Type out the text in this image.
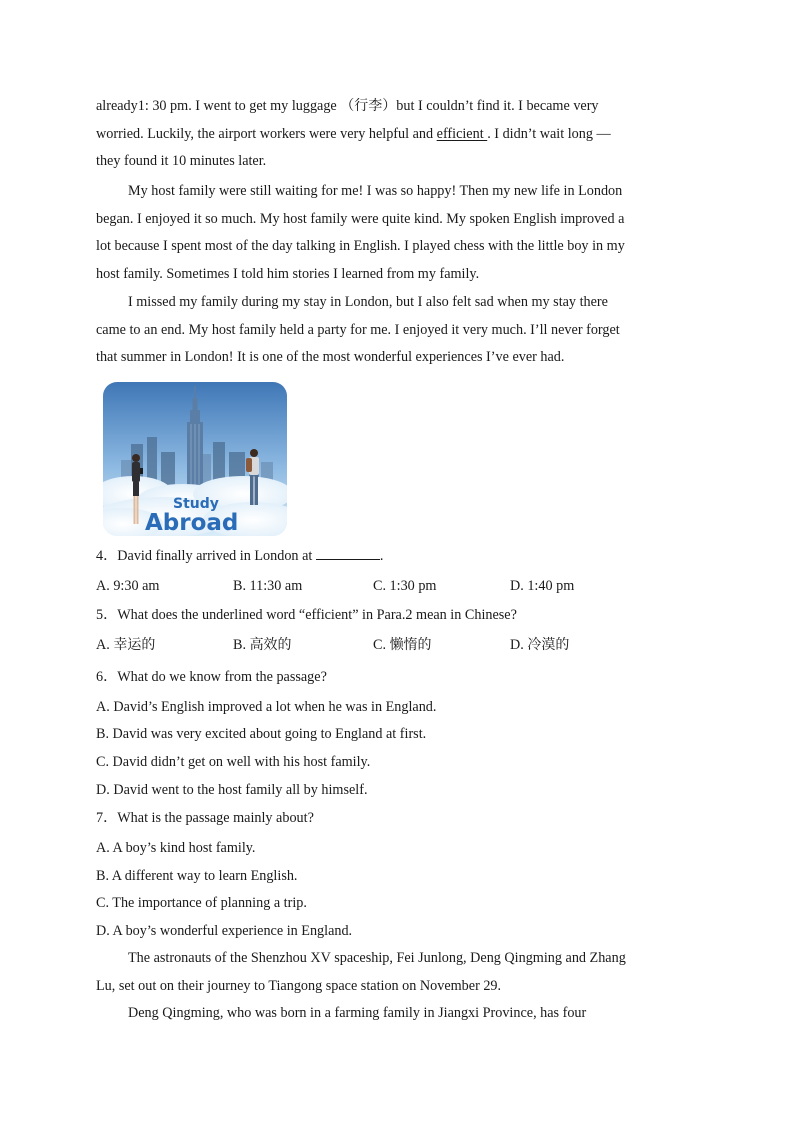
already1: 30 pm. I went to get my luggage （行李）but I couldn’t find it. I became very
worried. Luckily, the airport workers were very helpful and efficient . I didn’t wait long —
they found it 10 minutes later.
My host family were still waiting for me! I was so happy! Then my new life in London
began. I enjoyed it so much. My host family were quite kind. My spoken English improved a
lot because I spent most of the day talking in English. I played chess with the little boy in my
host family. Sometimes I told him stories I learned from my family.
I missed my family during my stay in London, but I also felt sad when my stay there
came to an end. My host family held a party for me. I enjoyed it very much. I’ll never forget
that summer in London! It is one of the most wonderful experiences I’ve ever had.
Study
Abroad
4．David finally arrived in London at	.
A. 9:30 am	B. 11:30 am	C. 1:30 pm	D. 1:40 pm
5．What does the underlined word “efficient” in Para.2 mean in Chinese?
A. 幸运的	B. 高效的	C. 懒惰的	D. 冷漠的
6．What do we know from the passage?
A. David’s English improved a lot when he was in England.
B. David was very excited about going to England at first.
C. David didn’t get on well with his host family.
D. David went to the host family all by himself.
7．What is the passage mainly about?
A. A boy’s kind host family.
B. A different way to learn English.
C. The importance of planning a trip.
D. A boy’s wonderful experience in England.
The astronauts of the Shenzhou XV spaceship, Fei Junlong, Deng Qingming and Zhang
Lu, set out on their journey to Tiangong space station on November 29.
Deng Qingming, who was born in a farming family in Jiangxi Province, has four
